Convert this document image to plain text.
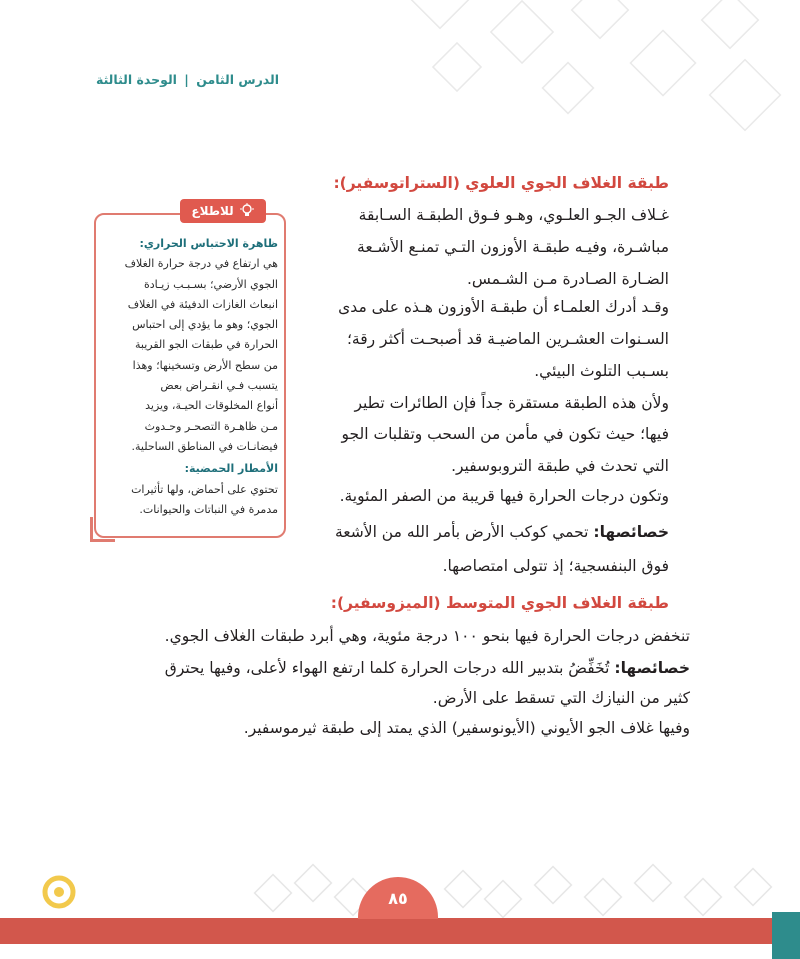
الدرس الثامن | الوحدة الثالثة
للاطلاع
ظاهرة الاحتباس الحراري:
هي ارتفاع في درجة حرارة الغلاف
الجوي الأرضي؛ بسـبـب زيـادة
انبعاث الغازات الدفيئة في الغلاف
الجوي؛ وهو ما يؤدي إلى احتباس
الحرارة في طبقات الجو القريبة
من سطح الأرض وتسخينها؛ وهذا
يتسبب فـي انقـراض بعض
أنواع المخلوقات الحيـة، ويزيد
مـن ظاهـرة التصحـر وحـدوث
فيضانـات في المناطق الساحلية.
الأمطار الحمضية:
تحتوي على أحماض، ولها تأثيرات
مدمرة في النباتات والحيوانات.
طبقة الغلاف الجوي العلوي (الستراتوسفير):
غـلاف الجـو العلـوي، وهـو فـوق الطبقـة السـابقة
مباشـرة، وفيـه طبقـة الأوزون التـي تمنـع الأشـعة
الضـارة الصـادرة مـن الشـمس.
وقـد أدرك العلمـاء أن طبقـة الأوزون هـذه على مدى
السـنوات العشـرين الماضيـة قد أصبحـت أكثر رقة؛
بسـبب التلوث البيئي.
ولأن هذه الطبقة مستقرة جداً فإن الطائرات تطير
فيها؛ حيث تكون في مأمن من السحب وتقلبات الجو
التي تحدث في طبقة التروبوسفير.
وتكون درجات الحرارة فيها قريبة من الصفر المئوية.
خصائصها: تحمي كوكب الأرض بأمر الله من الأشعة
فوق البنفسجية؛ إذ تتولى امتصاصها.
طبقة الغلاف الجوي المتوسط (الميزوسفير):
تنخفض درجات الحرارة فيها بنحو ١٠٠ درجة مئوية، وهي أبرد طبقات الغلاف الجوي.
خصائصها: تُخَفِّضُ بتدبير الله درجات الحرارة كلما ارتفع الهواء لأعلى، وفيها يحترق
كثير من النيازك التي تسقط على الأرض.
وفيها غلاف الجو الأيوني (الأيونوسفير) الذي يمتد إلى طبقة ثيرموسفير.
٨٥
